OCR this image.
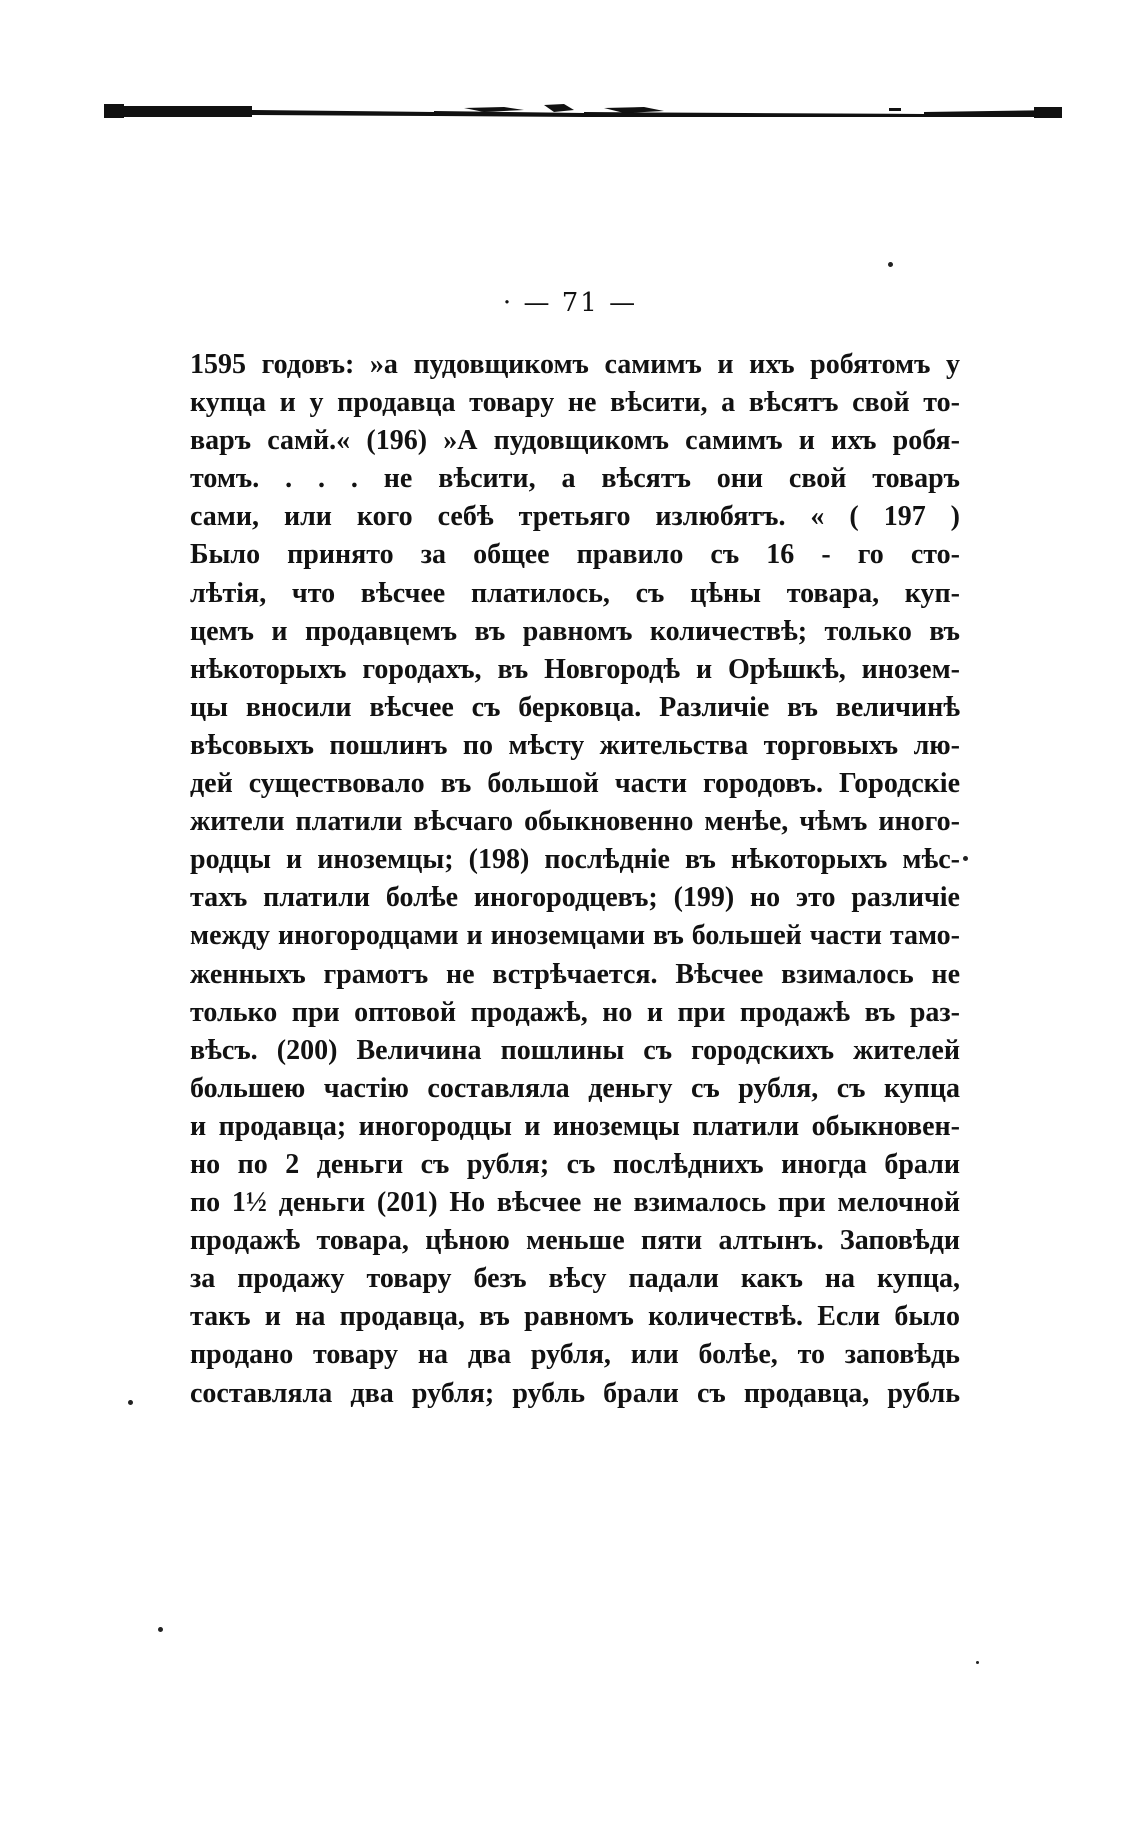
· — 71 —
1595 годовъ: »а пудовщикомъ самимъ и ихъ робятомъ у
купца и у продавца товару не вѣсити, а вѣсятъ свой то-
варъ самй.« (196) »А пудовщикомъ самимъ и ихъ робя-
томъ. . . . не вѣсити, а вѣсятъ они свой товаръ
сами, или кого себѣ третьяго излюбятъ. « ( 197 )
Было принято за общее правило съ 16 - го сто-
лѣтія, что вѣсчее платилось, съ цѣны товара, куп-
цемъ и продавцемъ въ равномъ количествѣ; только въ
нѣкоторыхъ городахъ, въ Новгородѣ и Орѣшкѣ, инозем-
цы вносили вѣсчее съ берковца. Различіе въ величинѣ
вѣсовыхъ пошлинъ по мѣсту жительства торговыхъ лю-
дей существовало въ большой части городовъ. Городскіе
жители платили вѣсчаго обыкновенно менѣе, чѣмъ иного-
родцы и иноземцы; (198) послѣдніе въ нѣкоторыхъ мѣс-
тахъ платили болѣе иногородцевъ; (199) но это различіе
между иногородцами и иноземцами въ большей части тамо-
женныхъ грамотъ не встрѣчается. Вѣсчее взималось не
только при оптовой продажѣ, но и при продажѣ въ раз-
вѣсъ. (200) Величина пошлины съ городскихъ жителей
большею частію составляла деньгу съ рубля, съ купца
и продавца; иногородцы и иноземцы платили обыкновен-
но по 2 деньги съ рубля; съ послѣднихъ иногда брали
по 1½ деньги (201) Но вѣсчее не взималось при мелочной
продажѣ товара, цѣною меньше пяти алтынъ. Заповѣди
за продажу товару безъ вѣсу падали какъ на купца,
такъ и на продавца, въ равномъ количествѣ. Если было
продано товару на два рубля, или болѣе, то заповѣдь
составляла два рубля; рубль брали съ продавца, рубль
